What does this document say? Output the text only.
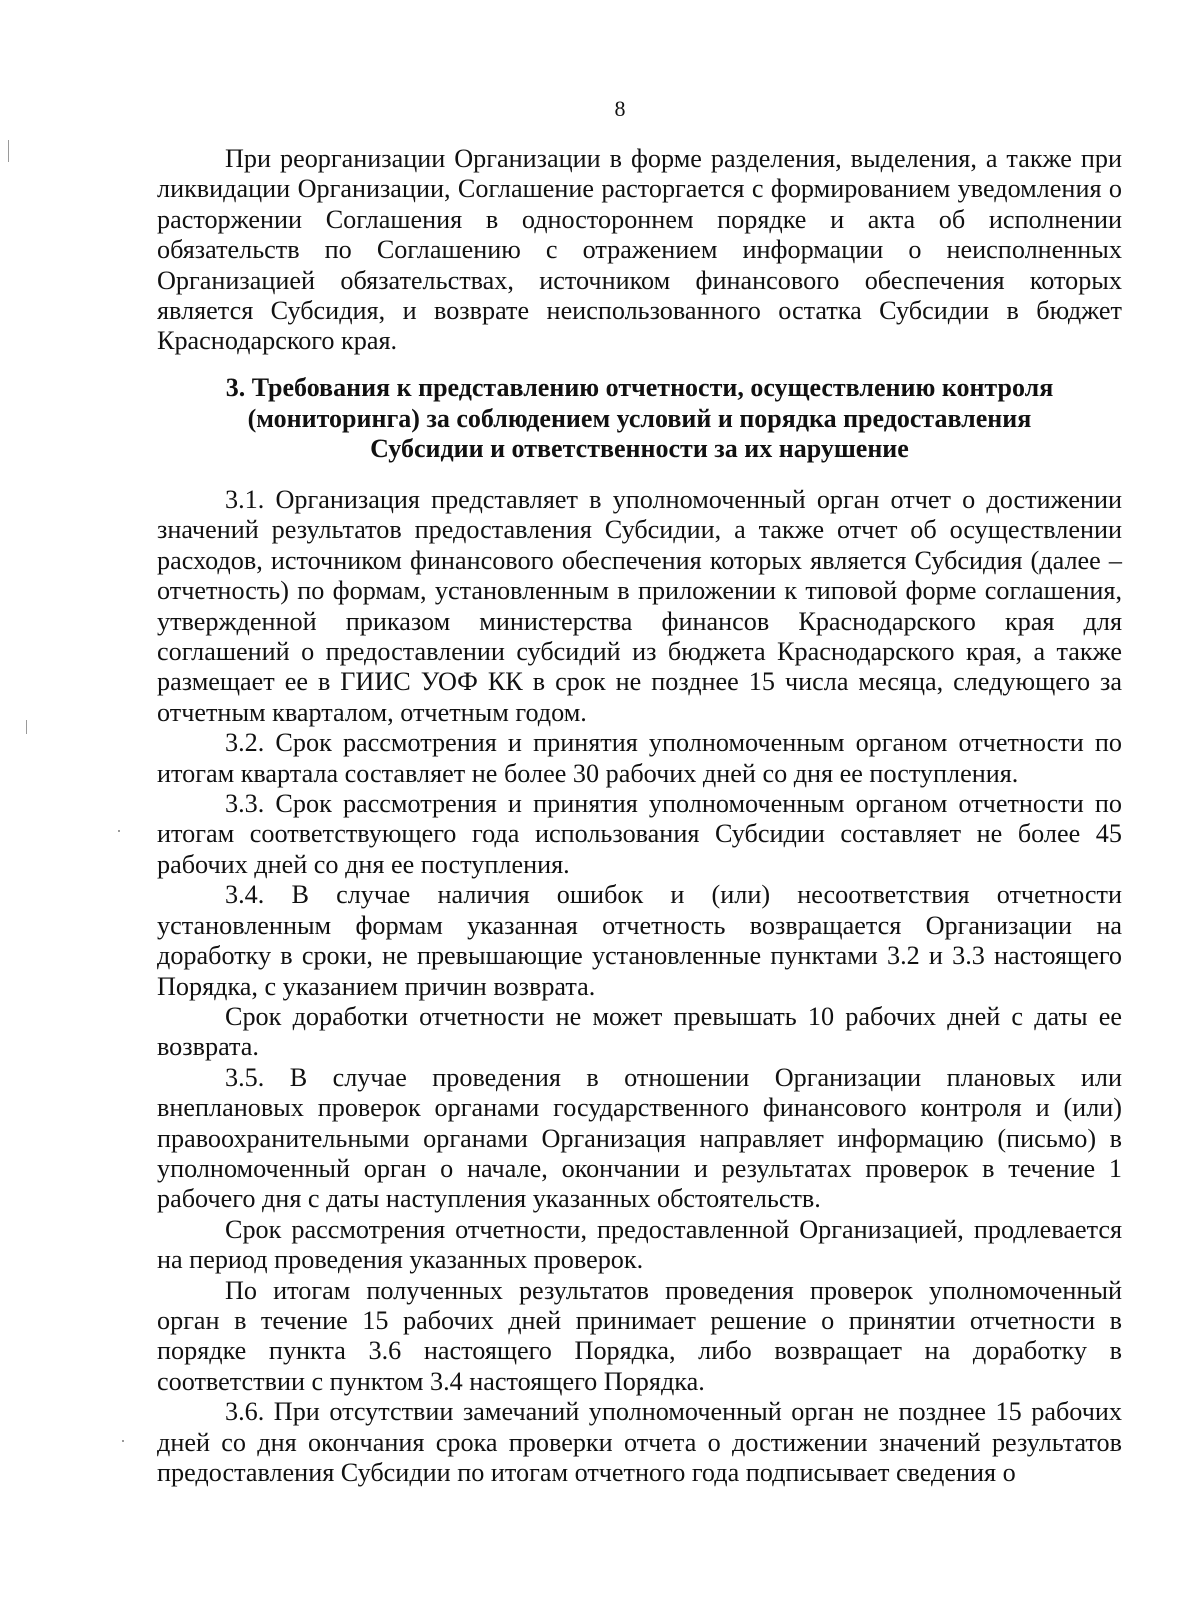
8

При реорганизации Организации в форме разделения, выделения, а также при ликвидации Организации, Соглашение расторгается с формированием уведомления о расторжении Соглашения в одностороннем порядке и акта об исполнении обязательств по Соглашению с отражением информации о неисполненных Организацией обязательствах, источником финансового обеспечения которых является Субсидия, и возврате неиспользованного остатка Субсидии в бюджет Краснодарского края.

3. Требования к представлению отчетности, осуществлению контроля (мониторинга) за соблюдением условий и порядка предоставления Субсидии и ответственности за их нарушение

3.1. Организация представляет в уполномоченный орган отчет о достижении значений результатов предоставления Субсидии, а также отчет об осуществлении расходов, источником финансового обеспечения которых является Субсидия (далее – отчетность) по формам, установленным в приложении к типовой форме соглашения, утвержденной приказом министерства финансов Краснодарского края для соглашений о предоставлении субсидий из бюджета Краснодарского края, а также размещает ее в ГИИС УОФ КК в срок не позднее 15 числа месяца, следующего за отчетным кварталом, отчетным годом.

3.2. Срок рассмотрения и принятия уполномоченным органом отчетности по итогам квартала составляет не более 30 рабочих дней со дня ее поступления.

3.3. Срок рассмотрения и принятия уполномоченным органом отчетности по итогам соответствующего года использования Субсидии составляет не более 45 рабочих дней со дня ее поступления.

3.4. В случае наличия ошибок и (или) несоответствия отчетности установленным формам указанная отчетность возвращается Организации на доработку в сроки, не превышающие установленные пунктами 3.2 и 3.3 настоящего Порядка, с указанием причин возврата.

Срок доработки отчетности не может превышать 10 рабочих дней с даты ее возврата.

3.5. В случае проведения в отношении Организации плановых или внеплановых проверок органами государственного финансового контроля и (или) правоохранительными органами Организация направляет информацию (письмо) в уполномоченный орган о начале, окончании и результатах проверок в течение 1 рабочего дня с даты наступления указанных обстоятельств.

Срок рассмотрения отчетности, предоставленной Организацией, продлевается на период проведения указанных проверок.

По итогам полученных результатов проведения проверок уполномоченный орган в течение 15 рабочих дней принимает решение о принятии отчетности в порядке пункта 3.6 настоящего Порядка, либо возвращает на доработку в соответствии с пунктом 3.4 настоящего Порядка.

3.6. При отсутствии замечаний уполномоченный орган не позднее 15 рабочих дней со дня окончания срока проверки отчета о достижении значений результатов предоставления Субсидии по итогам отчетного года подписывает сведения о
